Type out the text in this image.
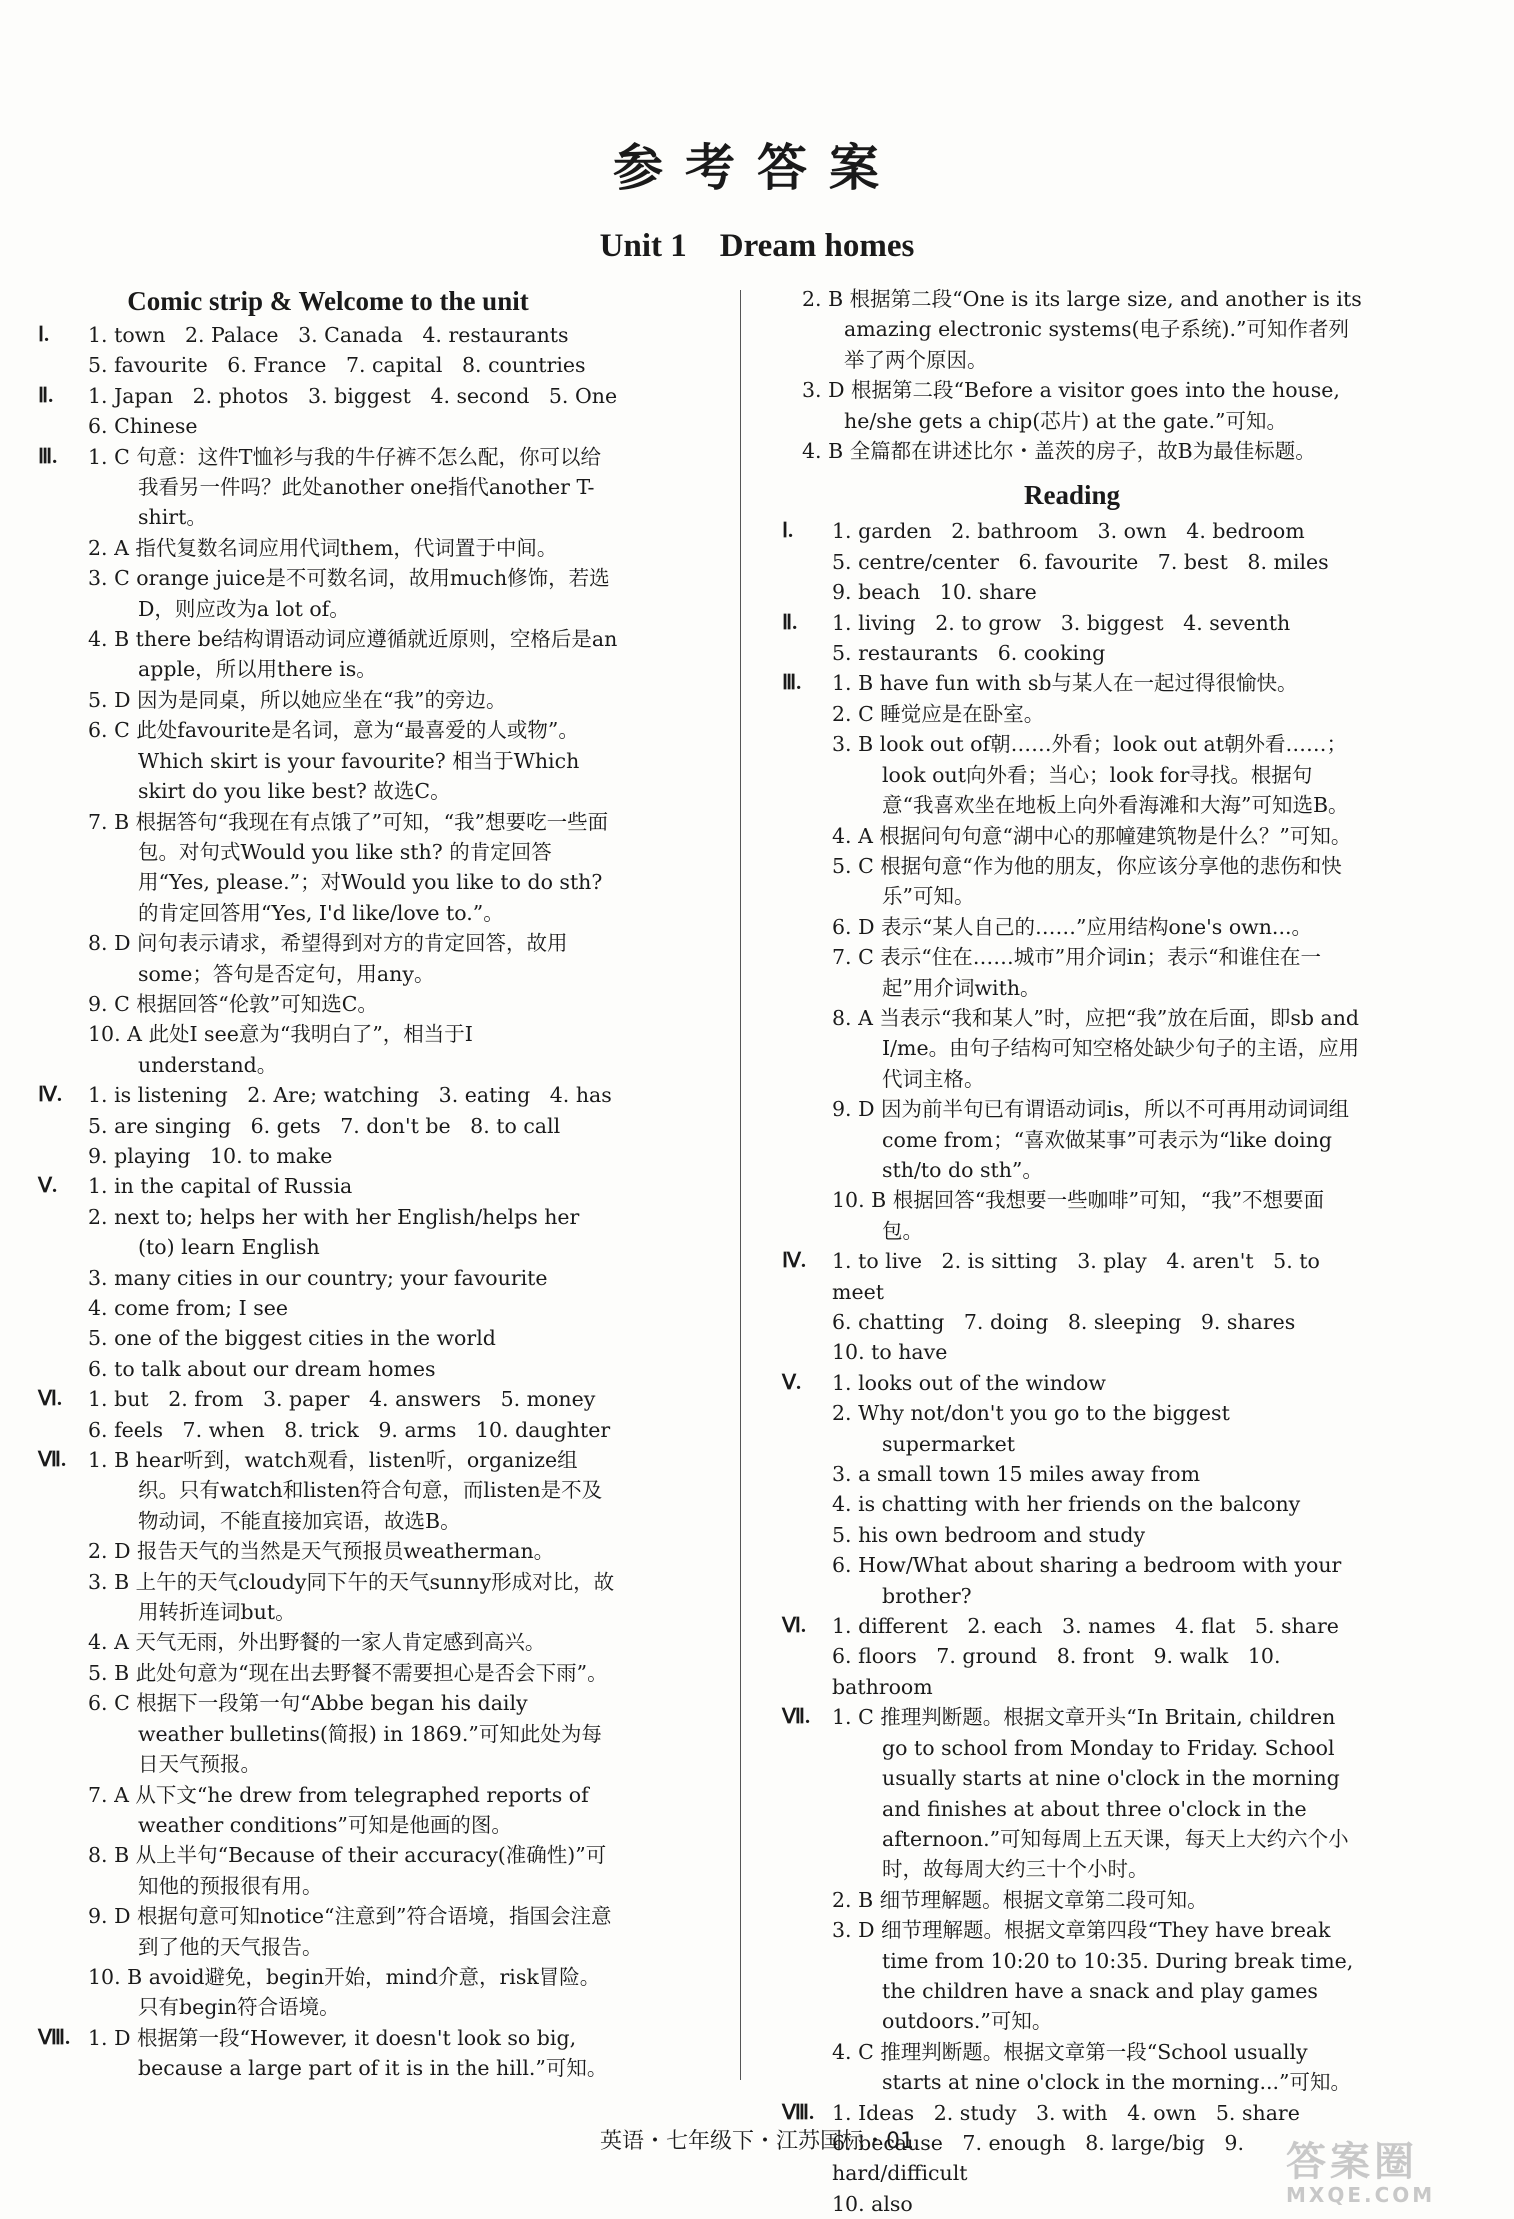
参考答案
Unit 1    Dream homes
Comic strip & Welcome to the unit
Ⅰ. 1. town   2. Palace   3. Canada   4. restaurants
5. favourite   6. France   7. capital   8. countries
Ⅱ. 1. Japan   2. photos   3. biggest   4. second   5. One
6. Chinese
Ⅲ. 1. C 句意：这件T恤衫与我的牛仔裤不怎么配，你可以给我看另一件吗？此处another one指代another T-shirt。
2. A 指代复数名词应用代词them，代词置于中间。
3. C orange juice是不可数名词，故用much修饰，若选D，则应改为a lot of。
4. B there be结构谓语动词应遵循就近原则，空格后是an apple，所以用there is。
5. D 因为是同桌，所以她应坐在“我”的旁边。
6. C 此处favourite是名词，意为“最喜爱的人或物”。Which skirt is your favourite? 相当于Which skirt do you like best? 故选C。
7. B 根据答句“我现在有点饿了”可知，“我”想要吃一些面包。对句式Would you like sth? 的肯定回答用“Yes, please.”；对Would you like to do sth? 的肯定回答用“Yes, I'd like/love to.”。
8. D 问句表示请求，希望得到对方的肯定回答，故用some；答句是否定句，用any。
9. C 根据回答“伦敦”可知选C。
10. A 此处I see意为“我明白了”，相当于I understand。
Ⅳ. 1. is listening   2. Are; watching   3. eating   4. has
5. are singing   6. gets   7. don't be   8. to call
9. playing   10. to make
Ⅴ. 1. in the capital of Russia
2. next to; helps her with her English/helps her (to) learn English
3. many cities in our country; your favourite
4. come from; I see
5. one of the biggest cities in the world
6. to talk about our dream homes
Ⅵ. 1. but   2. from   3. paper   4. answers   5. money
6. feels   7. when   8. trick   9. arms   10. daughter
Ⅶ. 1. B hear听到，watch观看，listen听，organize组织。只有watch和listen符合句意，而listen是不及物动词，不能直接加宾语，故选B。
2. D 报告天气的当然是天气预报员weatherman。
3. B 上午的天气cloudy同下午的天气sunny形成对比，故用转折连词but。
4. A 天气无雨，外出野餐的一家人肯定感到高兴。
5. B 此处句意为“现在出去野餐不需要担心是否会下雨”。
6. C 根据下一段第一句“Abbe began his daily weather bulletins(简报) in 1869.”可知此处为每日天气预报。
7. A 从下文“he drew from telegraphed reports of weather conditions”可知是他画的图。
8. B 从上半句“Because of their accuracy(准确性)”可知他的预报很有用。
9. D 根据句意可知notice“注意到”符合语境，指国会注意到了他的天气报告。
10. B avoid避免，begin开始，mind介意，risk冒险。只有begin符合语境。
Ⅷ. 1. D 根据第一段“However, it doesn't look so big, because a large part of it is in the hill.”可知。
2. B 根据第二段“One is its large size, and another is its amazing electronic systems(电子系统).”可知作者列举了两个原因。
3. D 根据第二段“Before a visitor goes into the house, he/she gets a chip(芯片) at the gate.”可知。
4. B 全篇都在讲述比尔・盖茨的房子，故B为最佳标题。
Reading
Ⅰ. 1. garden   2. bathroom   3. own   4. bedroom
5. centre/center   6. favourite   7. best   8. miles
9. beach   10. share
Ⅱ. 1. living   2. to grow   3. biggest   4. seventh
5. restaurants   6. cooking
Ⅲ. 1. B have fun with sb与某人在一起过得很愉快。
2. C 睡觉应是在卧室。
3. B look out of朝……外看；look out at朝外看……；look out向外看；当心；look for寻找。根据句意“我喜欢坐在地板上向外看海滩和大海”可知选B。
4. A 根据问句句意“湖中心的那幢建筑物是什么？”可知。
5. C 根据句意“作为他的朋友，你应该分享他的悲伤和快乐”可知。
6. D 表示“某人自己的……”应用结构one's own...。
7. C 表示“住在……城市”用介词in；表示“和谁住在一起”用介词with。
8. A 当表示“我和某人”时，应把“我”放在后面，即sb and I/me。由句子结构可知空格处缺少句子的主语，应用代词主格。
9. D 因为前半句已有谓语动词is，所以不可再用动词词组come from；“喜欢做某事”可表示为“like doing sth/to do sth”。
10. B 根据回答“我想要一些咖啡”可知，“我”不想要面包。
Ⅳ. 1. to live   2. is sitting   3. play   4. aren't   5. to meet
6. chatting   7. doing   8. sleeping   9. shares
10. to have
Ⅴ. 1. looks out of the window
2. Why not/don't you go to the biggest supermarket
3. a small town 15 miles away from
4. is chatting with her friends on the balcony
5. his own bedroom and study
6. How/What about sharing a bedroom with your brother?
Ⅵ. 1. different   2. each   3. names   4. flat   5. share
6. floors   7. ground   8. front   9. walk   10. bathroom
Ⅶ. 1. C 推理判断题。根据文章开头“In Britain, children go to school from Monday to Friday. School usually starts at nine o'clock in the morning and finishes at about three o'clock in the afternoon.”可知每周上五天课，每天上大约六个小时，故每周大约三十个小时。
2. B 细节理解题。根据文章第二段可知。
3. D 细节理解题。根据文章第四段“They have break time from 10:20 to 10:35. During break time, the children have a snack and play games outdoors.”可知。
4. C 推理判断题。根据文章第一段“School usually starts at nine o'clock in the morning...”可知。
Ⅷ. 1. Ideas   2. study   3. with   4. own   5. share
6. because   7. enough   8. large/big   9. hard/difficult
10. also
英语・七年级下・江苏国标・01	答案圈
MXQE.COM
